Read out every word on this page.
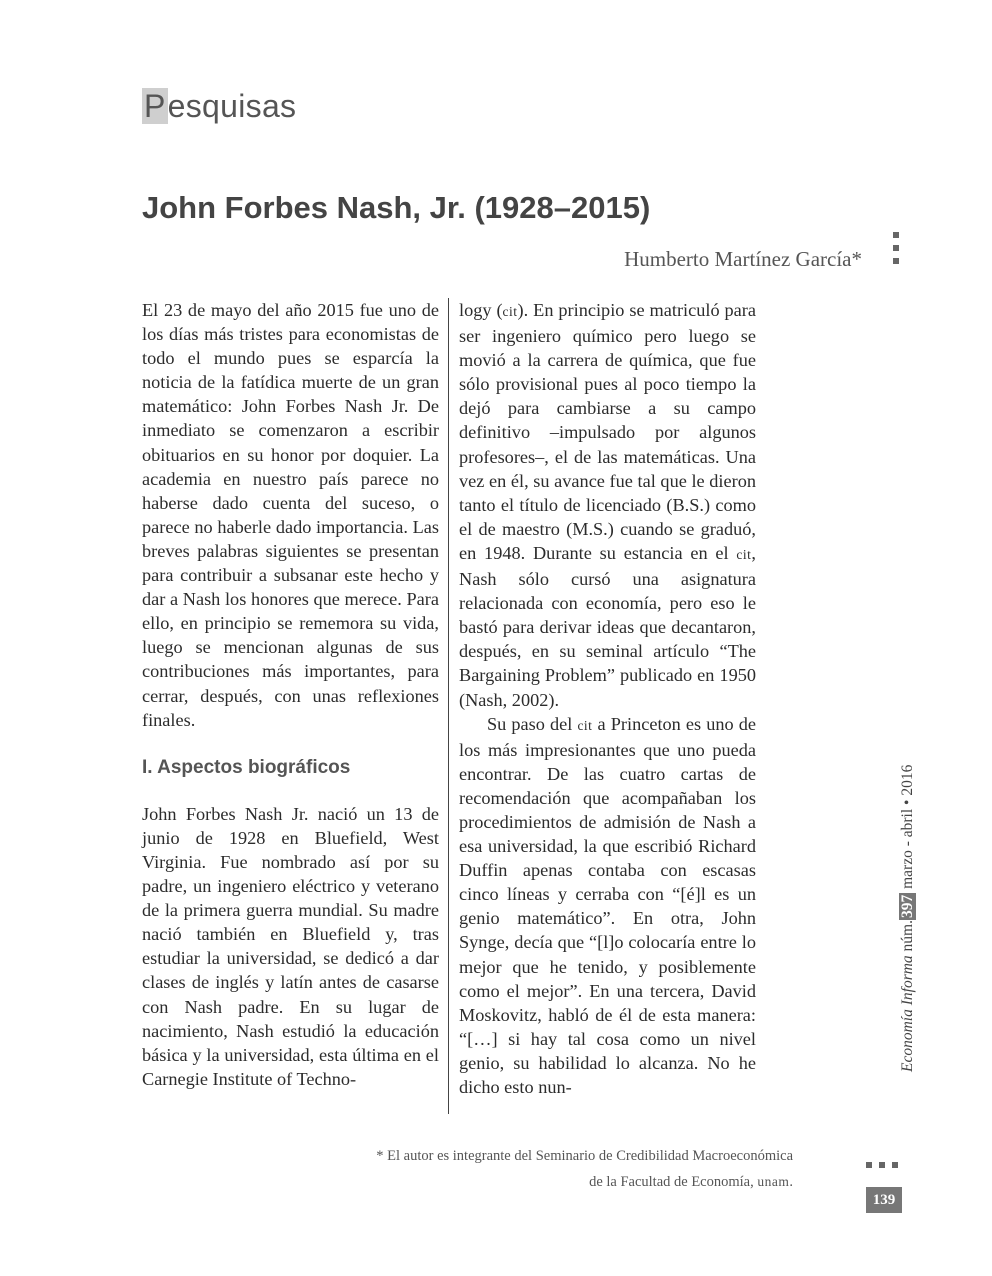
Pesquisas
John Forbes Nash, Jr. (1928–2015)
Humberto Martínez García*

El 23 de mayo del año 2015 fue uno de los días más tristes para economistas de todo el mundo pues se esparcía la noticia de la fatídica muerte de un gran matemático: John Forbes Nash Jr. De inmediato se comenzaron a escribir obituarios en su honor por doquier. La academia en nuestro país parece no haberse dado cuenta del suceso, o parece no haberle dado importancia. Las breves palabras siguientes se presentan para contribuir a subsanar este hecho y dar a Nash los honores que merece. Para ello, en principio se rememora su vida, luego se mencionan algunas de sus contribuciones más importantes, para cerrar, después, con unas reflexiones finales.

I. Aspectos biográficos

John Forbes Nash Jr. nació un 13 de junio de 1928 en Bluefield, West Virginia. Fue nombrado así por su padre, un ingeniero eléctrico y veterano de la primera guerra mundial. Su madre nació también en Bluefield y, tras estudiar la universidad, se dedicó a dar clases de inglés y latín antes de casarse con Nash padre. En su lugar de nacimiento, Nash estudió la educación básica y la universidad, esta última en el Carnegie Institute of Techno-

logy (cit). En principio se matriculó para ser ingeniero químico pero luego se movió a la carrera de química, que fue sólo provisional pues al poco tiempo la dejó para cambiarse a su campo definitivo –impulsado por algunos profesores–, el de las matemáticas. Una vez en él, su avance fue tal que le dieron tanto el título de licenciado (B.S.) como el de maestro (M.S.) cuando se graduó, en 1948. Durante su estancia en el cit, Nash sólo cursó una asignatura relacionada con economía, pero eso le bastó para derivar ideas que decantaron, después, en su seminal artículo “The Bargaining Problem” publicado en 1950 (Nash, 2002).

Su paso del cit a Princeton es uno de los más impresionantes que uno pueda encontrar. De las cuatro cartas de recomendación que acompañaban los procedimientos de admisión de Nash a esa universidad, la que escribió Richard Duffin apenas contaba con escasas cinco líneas y cerraba con “[é]l es un genio matemático”. En otra, John Synge, decía que “[l]o colocaría entre lo mejor que he tenido, y posiblemente como el mejor”. En una tercera, David Moskovitz, habló de él de esta manera: “[…] si hay tal cosa como un nivel genio, su habilidad lo alcanza. No he dicho esto nun-

* El autor es integrante del Seminario de Credibilidad Macroeconómica
de la Facultad de Economía, unam.
139
Economía Informa núm.397 marzo - abril • 2016
